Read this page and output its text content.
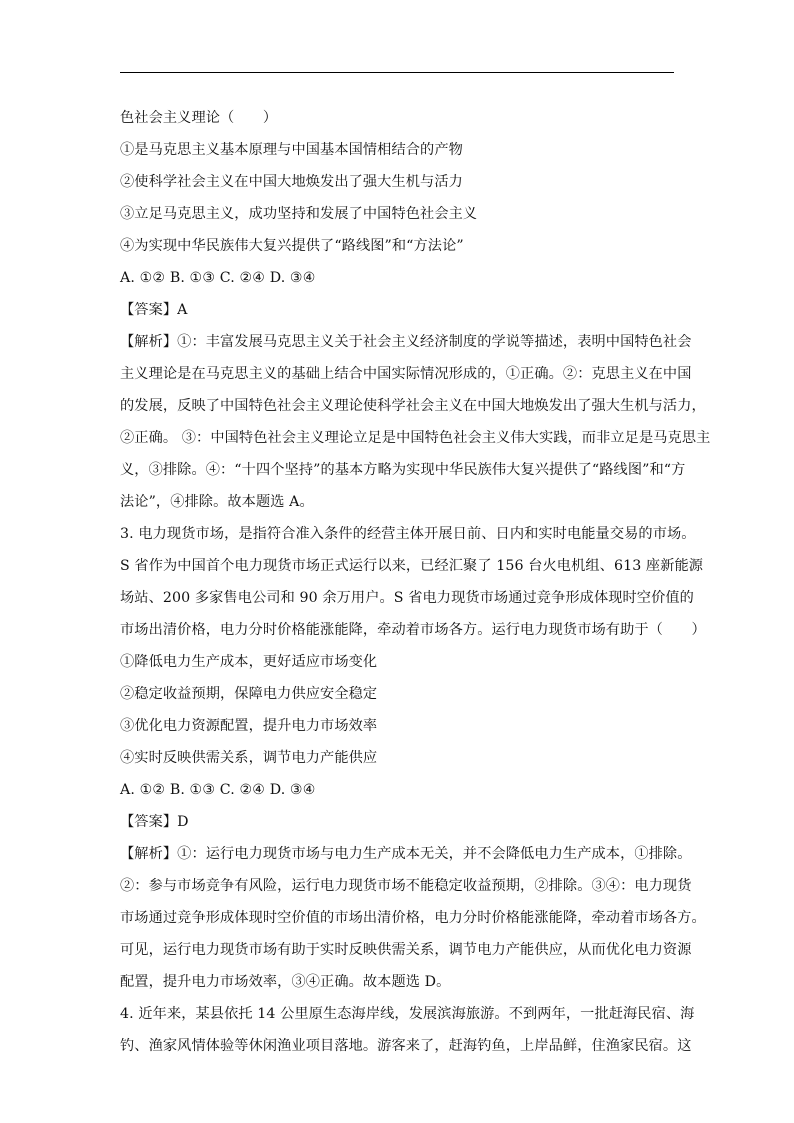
色社会主义理论（　　）
①是马克思主义基本原理与中国基本国情相结合的产物
②使科学社会主义在中国大地焕发出了强大生机与活力
③立足马克思主义，成功坚持和发展了中国特色社会主义
④为实现中华民族伟大复兴提供了“路线图”和“方法论”
A. ①② B. ①③ C. ②④ D. ③④
【答案】A
【解析】①：丰富发展马克思主义关于社会主义经济制度的学说等描述，表明中国特色社会
主义理论是在马克思主义的基础上结合中国实际情况形成的，①正确。②：克思主义在中国
的发展，反映了中国特色社会主义理论使科学社会主义在中国大地焕发出了强大生机与活力，
②正确。 ③：中国特色社会主义理论立足是中国特色社会主义伟大实践，而非立足是马克思主
义，③排除。④：“十四个坚持”的基本方略为实现中华民族伟大复兴提供了“路线图”和“方
法论”，④排除。故本题选 A。
3. 电力现货市场，是指符合准入条件的经营主体开展日前、日内和实时电能量交易的市场。
S 省作为中国首个电力现货市场正式运行以来，已经汇聚了 156 台火电机组、613 座新能源
场站、200 多家售电公司和 90 余万用户。S 省电力现货市场通过竞争形成体现时空价值的
市场出清价格，电力分时价格能涨能降，牵动着市场各方。运行电力现货市场有助于（　　）
①降低电力生产成本，更好适应市场变化
②稳定收益预期，保障电力供应安全稳定
③优化电力资源配置，提升电力市场效率
④实时反映供需关系，调节电力产能供应
A. ①② B. ①③ C. ②④ D. ③④
【答案】D
【解析】①：运行电力现货市场与电力生产成本无关，并不会降低电力生产成本，①排除。
②：参与市场竞争有风险，运行电力现货市场不能稳定收益预期，②排除。③④：电力现货
市场通过竞争形成体现时空价值的市场出清价格，电力分时价格能涨能降，牵动着市场各方。
可见，运行电力现货市场有助于实时反映供需关系，调节电力产能供应，从而优化电力资源
配置，提升电力市场效率，③④正确。故本题选 D。
4. 近年来，某县依托 14 公里原生态海岸线，发展滨海旅游。不到两年，一批赶海民宿、海
钓、渔家风情体验等休闲渔业项目落地。游客来了，赶海钓鱼，上岸品鲜，住渔家民宿。这
